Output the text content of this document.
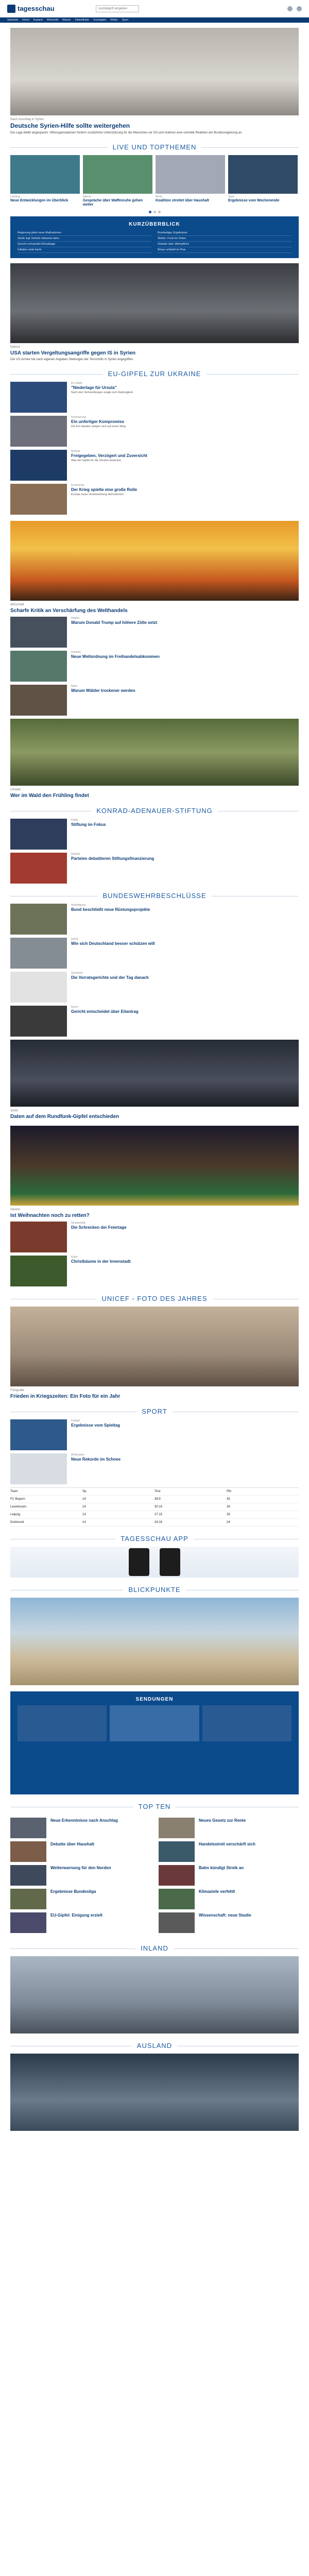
tagesschau
Suchbegriff eingeben
Startseite Inland Ausland Wirtschaft Wissen Faktenfinder Investigativ Wetter Sport
Nach Anschlag in Syrien
Deutsche Syrien-Hilfe sollte weitergehen
Die Lage bleibt angespannt. Hilfsorganisationen fordern zusätzliche Unterstützung für die Menschen vor Ort und mahnen eine schnelle Reaktion der Bundesregierung an.
LIVE UND TOPTHEMEN
Liveblog
Neue Entwicklungen im Überblick
Nahost
Gespräche über Waffenruhe gehen weiter
Berlin
Koalition streitet über Haushalt
Sport
Ergebnisse vom Wochenende
KURZÜBERBLICK
Regierung plant neue Maßnahmen
Streik legt Verkehr teilweise lahm
Gericht verhandelt Klimaklage
Inflation sinkt leicht
Bundesliga: Ergebnisse
Wetter: Frost im Osten
Debatte über Wehrpflicht
Börse schließt im Plus
Nahost
USA starten Vergeltungsangriffe gegen IS in Syrien
Die US-Armee hat nach eigenen Angaben Stellungen der Terrormiliz in Syrien angegriffen.
EU-GIPFEL ZUR UKRAINE
EU-Gipfel
"Niederlage für Ursula"
Nach den Verhandlungen zeigte sich Ratlosigkeit.
Finanzierung
Ein unfertiger Kompromiss
Die EU-Staaten einigen sich auf einen Weg.
Analyse
Freigegeben, Verzögert und Zuversicht
Was der Gipfel für die Ukraine bedeutet.
Kommentar
Der Krieg spielte eine große Rolle
Europa muss Verantwortung übernehmen.
Wirtschaft
Scharfe Kritik an Verschärfung des Welthandels
Handel
Warum Donald Trump auf höhere Zölle setzt
Industrie
Neue Weltordnung im Freihandelsabkommen
Natur
Warum Wälder trockener werden
Umwelt
Wer im Wald den Frühling findet
KONRAD-ADENAUER-STIFTUNG
Politik
Stiftung im Fokus
Debatte
Parteien debattieren Stiftungsfinanzierung
BUNDESWEHRBESCHLÜSSE
Verteidigung
Bund beschließt neue Rüstungsprojekte
Inland
Wie sich Deutschland besser schützen will
Sicherheit
Die Vorratsgerichte und der Tag danach
Recht
Gericht entscheidet über Eilantrag
Justiz
Daten auf dem Rundfunk-Gipfel entschieden
Advent
Ist Weihnachten noch zu retten?
Gesellschaft
Die Schrecken der Feiertage
Kultur
Christbäume in der Innenstadt
UNICEF - FOTO DES JAHRES
Fotografie
Frieden in Kriegszeiten: Ein Foto für ein Jahr
SPORT
Fußball
Ergebnisse vom Spieltag
Wintersport
Neue Rekorde im Schnee
Team	Sp.	Tore	Pkt.
FC Bayern	14	38:9	35
Leverkusen	14	30:14	28
Leipzig	14	27:15	26
Dortmund	14	24:16	24
TAGESSCHAU APP
BLICKPUNKTE
SENDUNGEN
TOP TEN
Neue Erkenntnisse nach Anschlag
Debatte über Haushalt
Wetterwarnung für den Norden
Ergebnisse Bundesliga
EU-Gipfel: Einigung erzielt
Neues Gesetz zur Rente
Handelsstreit verschärft sich
Bahn kündigt Streik an
Klimaziele verfehlt
Wissenschaft: neue Studie
INLAND
AUSLAND
